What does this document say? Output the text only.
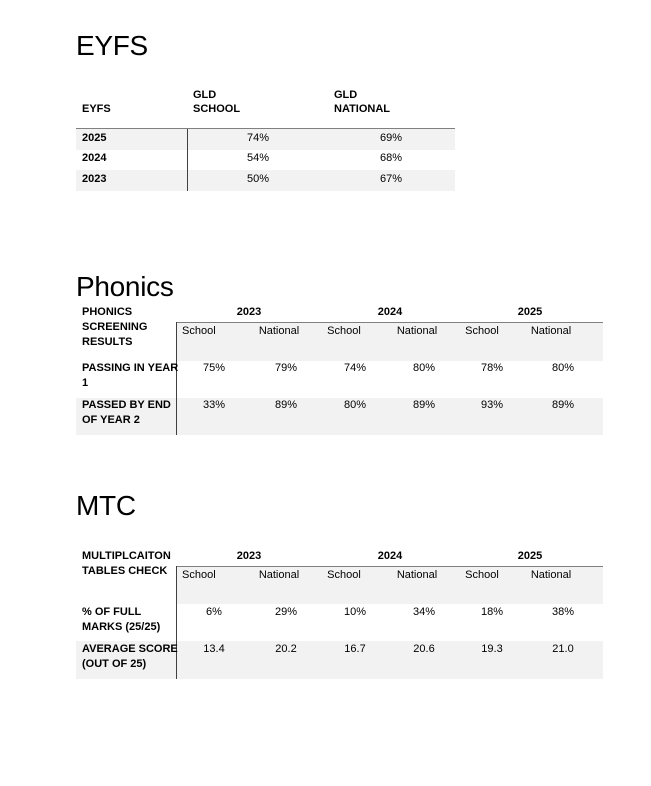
EYFS
EYFS
GLD
SCHOOL
GLD
NATIONAL
2025	74%	69%
2024	54%	68%
2023	50%	67%
Phonics
PHONICS
SCREENING
RESULTS
2023	2024	2025
School	National	School	National	School	National
PASSING IN YEAR
1
75%	79%	74%	80%	78%	80%
PASSED BY END
OF YEAR 2
33%	89%	80%	89%	93%	89%
MTC
MULTIPLCAITON
TABLES CHECK
2023	2024	2025
School	National	School	National	School	National
% OF FULL
MARKS (25/25)
6%	29%	10%	34%	18%	38%
AVERAGE SCORE
(OUT OF 25)
13.4	20.2	16.7	20.6	19.3	21.0
